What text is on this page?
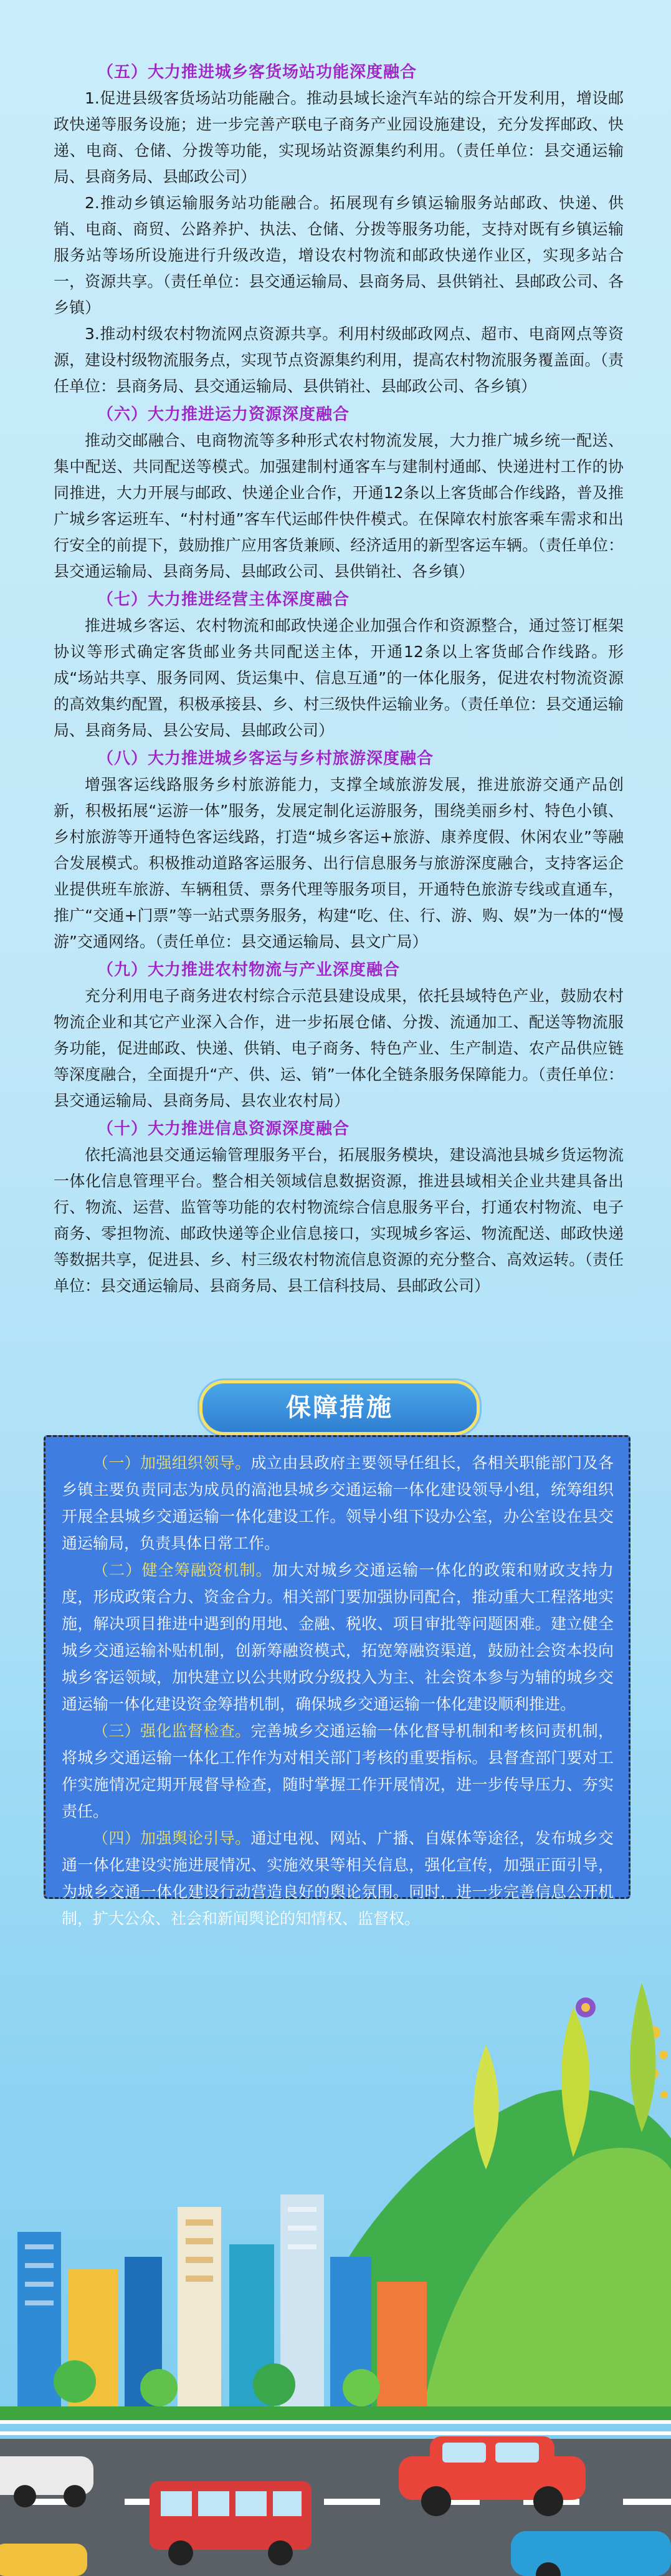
（五）大力推进城乡客货场站功能深度融合

1.促进县级客货场站功能融合。推动县域长途汽车站的综合开发利用，增设邮政快递等服务设施；进一步完善产联电子商务产业园设施建设，充分发挥邮政、快递、电商、仓储、分拨等功能，实现场站资源集约利用。（责任单位：县交通运输局、县商务局、县邮政公司）

2.推动乡镇运输服务站功能融合。拓展现有乡镇运输服务站邮政、快递、供销、电商、商贸、公路养护、执法、仓储、分拨等服务功能，支持对既有乡镇运输服务站等场所设施进行升级改造，增设农村物流和邮政快递作业区，实现多站合一，资源共享。（责任单位：县交通运输局、县商务局、县供销社、县邮政公司、各乡镇）

3.推动村级农村物流网点资源共享。利用村级邮政网点、超市、电商网点等资源，建设村级物流服务点，实现节点资源集约利用，提高农村物流服务覆盖面。（责任单位：县商务局、县交通运输局、县供销社、县邮政公司、各乡镇）

（六）大力推进运力资源深度融合

推动交邮融合、电商物流等多种形式农村物流发展，大力推广城乡统一配送、集中配送、共同配送等模式。加强建制村通客车与建制村通邮、快递进村工作的协同推进，大力开展与邮政、快递企业合作，开通12条以上客货邮合作线路，普及推广城乡客运班车、“村村通”客车代运邮件快件模式。在保障农村旅客乘车需求和出行安全的前提下，鼓励推广应用客货兼顾、经济适用的新型客运车辆。（责任单位：县交通运输局、县商务局、县邮政公司、县供销社、各乡镇）

（七）大力推进经营主体深度融合

推进城乡客运、农村物流和邮政快递企业加强合作和资源整合，通过签订框架协议等形式确定客货邮业务共同配送主体，开通12条以上客货邮合作线路。形成“场站共享、服务同网、货运集中、信息互通”的一体化服务，促进农村物流资源的高效集约配置，积极承接县、乡、村三级快件运输业务。（责任单位：县交通运输局、县商务局、县公安局、县邮政公司）

（八）大力推进城乡客运与乡村旅游深度融合

增强客运线路服务乡村旅游能力，支撑全域旅游发展，推进旅游交通产品创新，积极拓展“运游一体”服务，发展定制化运游服务，围绕美丽乡村、特色小镇、乡村旅游等开通特色客运线路，打造“城乡客运+旅游、康养度假、休闲农业”等融合发展模式。积极推动道路客运服务、出行信息服务与旅游深度融合，支持客运企业提供班车旅游、车辆租赁、票务代理等服务项目，开通特色旅游专线或直通车，推广“交通+门票”等一站式票务服务，构建“吃、住、行、游、购、娱”为一体的“慢游”交通网络。（责任单位：县交通运输局、县文广局）

（九）大力推进农村物流与产业深度融合

充分利用电子商务进农村综合示范县建设成果，依托县域特色产业，鼓励农村物流企业和其它产业深入合作，进一步拓展仓储、分拨、流通加工、配送等物流服务功能，促进邮政、快递、供销、电子商务、特色产业、生产制造、农产品供应链等深度融合，全面提升“产、供、运、销”一体化全链条服务保障能力。（责任单位：县交通运输局、县商务局、县农业农村局）

（十）大力推进信息资源深度融合

依托滈池县交通运输管理服务平台，拓展服务模块，建设滈池县城乡货运物流一体化信息管理平台。整合相关领域信息数据资源，推进县域相关企业共建具备出行、物流、运营、监管等功能的农村物流综合信息服务平台，打通农村物流、电子商务、零担物流、邮政快递等企业信息接口，实现城乡客运、物流配送、邮政快递等数据共享，促进县、乡、村三级农村物流信息资源的充分整合、高效运转。（责任单位：县交通运输局、县商务局、县工信科技局、县邮政公司）

保障措施

（一）加强组织领导。成立由县政府主要领导任组长，各相关职能部门及各乡镇主要负责同志为成员的滈池县城乡交通运输一体化建设领导小组，统筹组织开展全县城乡交通运输一体化建设工作。领导小组下设办公室，办公室设在县交通运输局，负责具体日常工作。

（二）健全筹融资机制。加大对城乡交通运输一体化的政策和财政支持力度，形成政策合力、资金合力。相关部门要加强协同配合，推动重大工程落地实施，解决项目推进中遇到的用地、金融、税收、项目审批等问题困难。建立健全城乡交通运输补贴机制，创新筹融资模式，拓宽筹融资渠道，鼓励社会资本投向城乡客运领域，加快建立以公共财政分级投入为主、社会资本参与为辅的城乡交通运输一体化建设资金筹措机制，确保城乡交通运输一体化建设顺利推进。

（三）强化监督检查。完善城乡交通运输一体化督导机制和考核问责机制，将城乡交通运输一体化工作作为对相关部门考核的重要指标。县督查部门要对工作实施情况定期开展督导检查，随时掌握工作开展情况，进一步传导压力、夯实责任。

（四）加强舆论引导。通过电视、网站、广播、自媒体等途径，发布城乡交通一体化建设实施进展情况、实施效果等相关信息，强化宣传，加强正面引导，为城乡交通一体化建设行动营造良好的舆论氛围。同时，进一步完善信息公开机制，扩大公众、社会和新闻舆论的知情权、监督权。
